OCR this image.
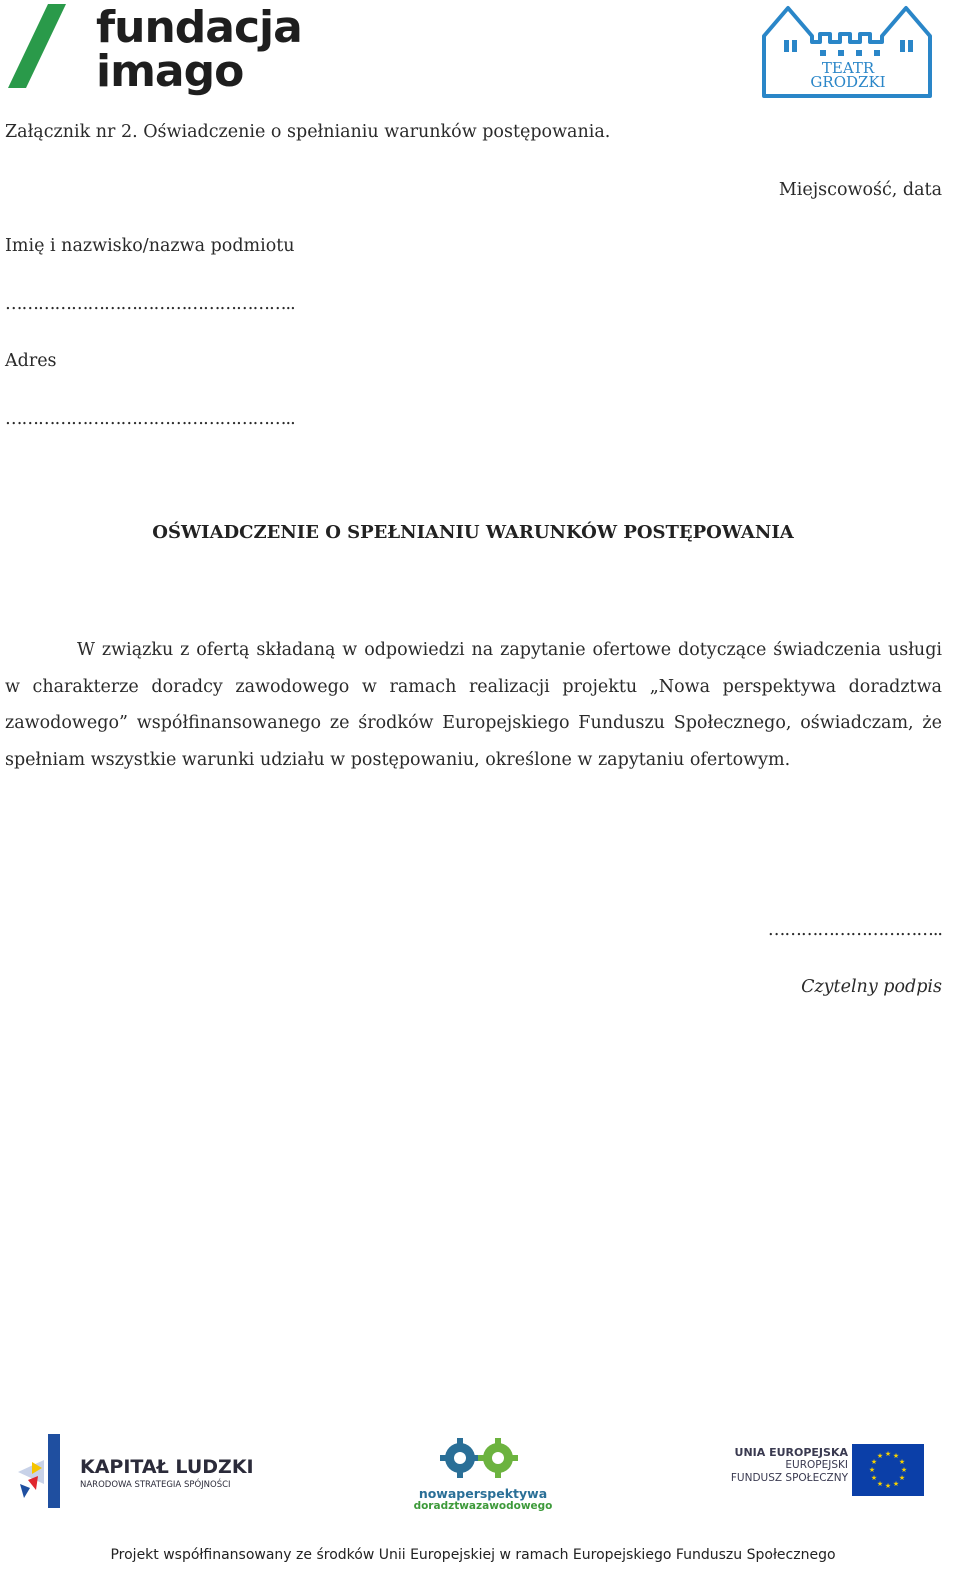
fundacja
imago	TEATR
GRODZKI
Załącznik nr 2. Oświadczenie o spełnianiu warunków postępowania.
Miejscowość, data
Imię i nazwisko/nazwa podmiotu
……………………………………………..
Adres
……………………………………………..
OŚWIADCZENIE O SPEŁNIANIU WARUNKÓW POSTĘPOWANIA

W związku z ofertą składaną w odpowiedzi na zapytanie ofertowe dotyczące świadczenia usługi w charakterze doradcy zawodowego w ramach realizacji projektu „Nowa perspektywa doradztwa zawodowego” współfinansowanego ze środków Europejskiego Funduszu Społecznego, oświadczam, że spełniam wszystkie warunki udziału w postępowaniu, określone w zapytaniu ofertowym.

…………………………..
Czytelny podpis
KAPITAŁ LUDZKI
NARODOWA STRATEGIA SPÓJNOŚCI
nowaperspektywa
doradztwazawodowego
UNIA EUROPEJSKA
EUROPEJSKI
FUNDUSZ SPOŁECZNY
★ ★
★
★
★
★
★
★
★
★
★
★
Projekt współfinansowany ze środków Unii Europejskiej w ramach Europejskiego Funduszu Społecznego
